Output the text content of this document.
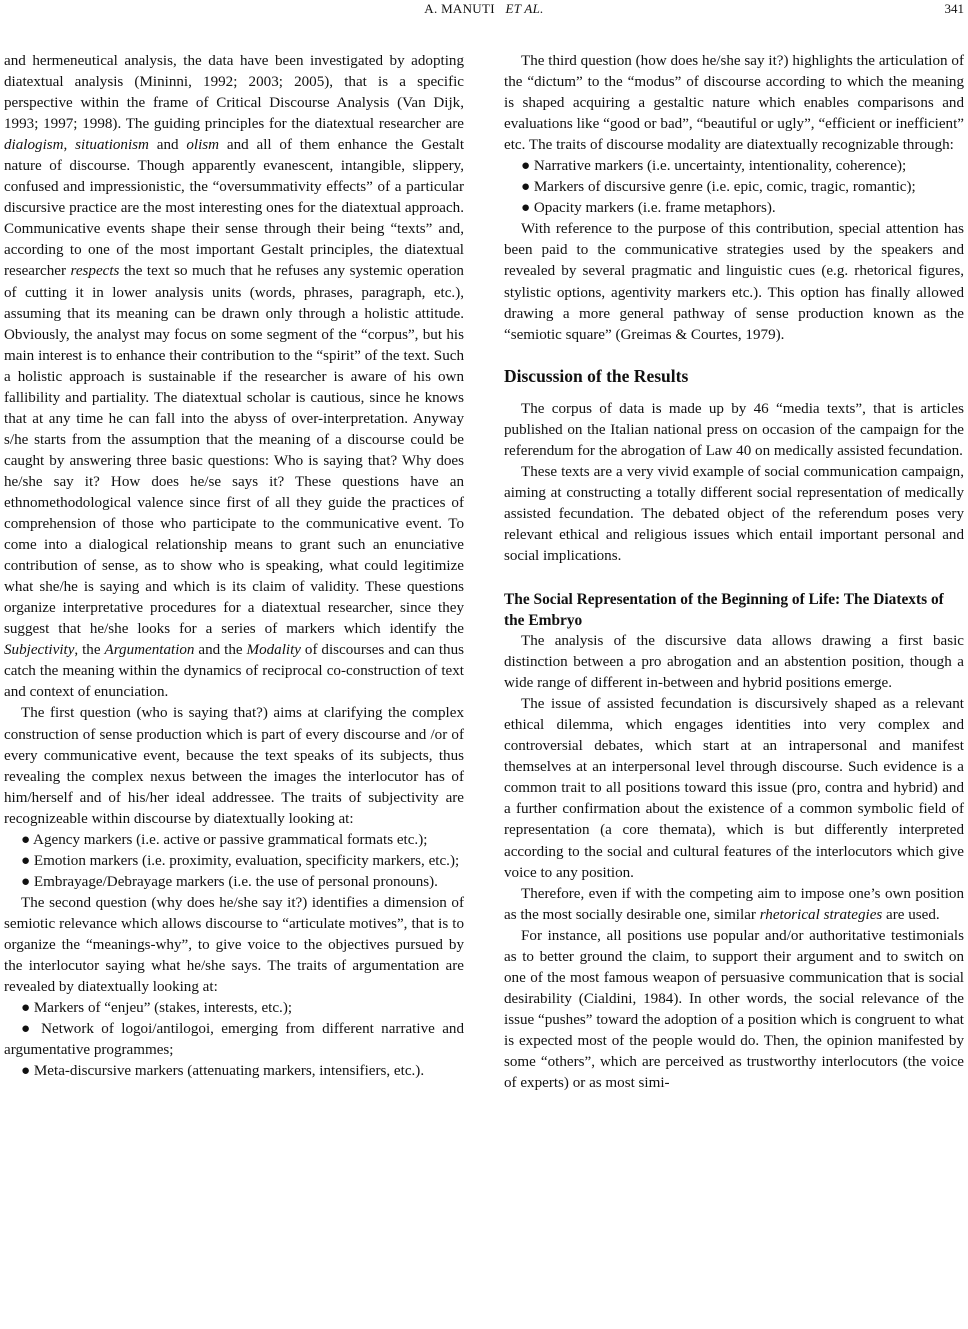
A. MANUTI ET AL.	341

and hermeneutical analysis, the data have been investigated by adopting diatextual analysis (Mininni, 1992; 2003; 2005), that is a specific perspective within the frame of Critical Discourse Analysis (Van Dijk, 1993; 1997; 1998). The guiding principles for the diatextual researcher are dialogism, situationism and olism and all of them enhance the Gestalt nature of discourse. Though apparently evanescent, intangible, slippery, confused and impressionistic, the “oversummativity effects” of a particular discursive practice are the most interesting ones for the diatextual approach. Communicative events shape their sense through their being “texts” and, according to one of the most important Gestalt principles, the diatextual researcher respects the text so much that he refuses any systemic operation of cutting it in lower analysis units (words, phrases, paragraph, etc.), assuming that its meaning can be drawn only through a holistic attitude. Obviously, the analyst may focus on some segment of the “corpus”, but his main interest is to enhance their contribution to the “spirit” of the text. Such a holistic approach is sustainable if the researcher is aware of his own fallibility and partiality. The diatextual scholar is cautious, since he knows that at any time he can fall into the abyss of over-interpretation. Anyway s/he starts from the assumption that the meaning of a discourse could be caught by answering three basic questions: Who is saying that? Why does he/she say it? How does he/se says it? These questions have an ethnomethodological valence since first of all they guide the practices of comprehension of those who participate to the communicative event. To come into a dialogical relationship means to grant such an enunciative contribution of sense, as to show who is speaking, what could legitimize what she/he is saying and which is its claim of validity. These questions organize interpretative procedures for a diatextual researcher, since they suggest that he/she looks for a series of markers which identify the Subjectivity, the Argumentation and the Modality of discourses and can thus catch the meaning within the dynamics of reciprocal co-construction of text and context of enunciation.

The first question (who is saying that?) aims at clarifying the complex construction of sense production which is part of every discourse and /or of every communicative event, because the text speaks of its subjects, thus revealing the complex nexus between the images the interlocutor has of him/herself and of his/her ideal addressee. The traits of subjectivity are recognizeable within discourse by diatextually looking at:

● Agency markers (i.e. active or passive grammatical formats etc.);

● Emotion markers (i.e. proximity, evaluation, specificity markers, etc.);

● Embrayage/Debrayage markers (i.e. the use of personal pronouns).

The second question (why does he/she say it?) identifies a dimension of semiotic relevance which allows discourse to “articulate motives”, that is to organize the “meanings-why”, to give voice to the objectives pursued by the interlocutor saying what he/she says. The traits of argumentation are revealed by diatextually looking at:

● Markers of “enjeu” (stakes, interests, etc.);

● Network of logoi/antilogoi, emerging from different narrative and argumentative programmes;

● Meta-discursive markers (attenuating markers, intensifiers, etc.).

The third question (how does he/she say it?) highlights the articulation of the “dictum” to the “modus” of discourse according to which the meaning is shaped acquiring a gestaltic nature which enables comparisons and evaluations like “good or bad”, “beautiful or ugly”, “efficient or inefficient” etc. The traits of discourse modality are diatextually recognizable through:

● Narrative markers (i.e. uncertainty, intentionality, coherence);

● Markers of discursive genre (i.e. epic, comic, tragic, romantic);

● Opacity markers (i.e. frame metaphors).

With reference to the purpose of this contribution, special attention has been paid to the communicative strategies used by the speakers and revealed by several pragmatic and linguistic cues (e.g. rhetorical figures, stylistic options, agentivity markers etc.). This option has finally allowed drawing a more general pathway of sense production known as the “semiotic square” (Greimas & Courtes, 1979).

Discussion of the Results

The corpus of data is made up by 46 “media texts”, that is articles published on the Italian national press on occasion of the campaign for the referendum for the abrogation of Law 40 on medically assisted fecundation.

These texts are a very vivid example of social communication campaign, aiming at constructing a totally different social representation of medically assisted fecundation. The debated object of the referendum poses very relevant ethical and religious issues which entail important personal and social implications.

The Social Representation of the Beginning of Life: The Diatexts of the Embryo

The analysis of the discursive data allows drawing a first basic distinction between a pro abrogation and an abstention position, though a wide range of different in-between and hybrid positions emerge.

The issue of assisted fecundation is discursively shaped as a relevant ethical dilemma, which engages identities into very complex and controversial debates, which start at an intrapersonal and manifest themselves at an interpersonal level through discourse. Such evidence is a common trait to all positions toward this issue (pro, contra and hybrid) and a further confirmation about the existence of a common symbolic field of representation (a core themata), which is but differently interpreted according to the social and cultural features of the interlocutors which give voice to any position.

Therefore, even if with the competing aim to impose one’s own position as the most socially desirable one, similar rhetorical strategies are used.

For instance, all positions use popular and/or authoritative testimonials as to better ground the claim, to support their argument and to switch on one of the most famous weapon of persuasive communication that is social desirability (Cialdini, 1984). In other words, the social relevance of the issue “pushes” toward the adoption of a position which is congruent to what is expected most of the people would do. Then, the opinion manifested by some “others”, which are perceived as trustworthy interlocutors (the voice of experts) or as most simi-
